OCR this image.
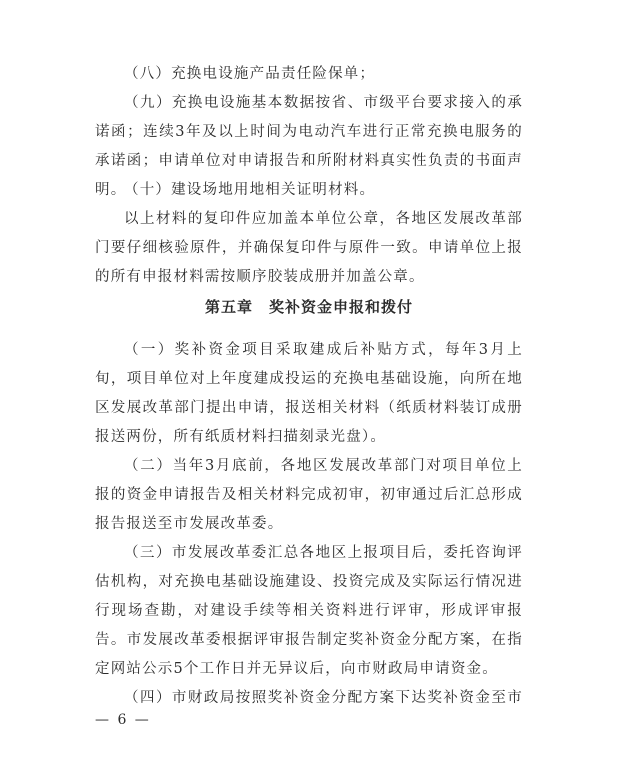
（八）充换电设施产品责任险保单；

（九）充换电设施基本数据按省、市级平台要求接入的承诺函；连续3年及以上时间为电动汽车进行正常充换电服务的承诺函；申请单位对申请报告和所附材料真实性负责的书面声明。

（十）建设场地用地相关证明材料。

以上材料的复印件应加盖本单位公章，各地区发展改革部门要仔细核验原件，并确保复印件与原件一致。申请单位上报的所有申报材料需按顺序胶装成册并加盖公章。

第五章　奖补资金申报和拨付

（一）奖补资金项目采取建成后补贴方式，每年3月上旬，项目单位对上年度建成投运的充换电基础设施，向所在地区发展改革部门提出申请，报送相关材料（纸质材料装订成册报送两份，所有纸质材料扫描刻录光盘）。

（二）当年3月底前，各地区发展改革部门对项目单位上报的资金申请报告及相关材料完成初审，初审通过后汇总形成报告报送至市发展改革委。

（三）市发展改革委汇总各地区上报项目后，委托咨询评估机构，对充换电基础设施建设、投资完成及实际运行情况进行现场查勘，对建设手续等相关资料进行评审，形成评审报告。市发展改革委根据评审报告制定奖补资金分配方案，在指定网站公示5个工作日并无异议后，向市财政局申请资金。

（四）市财政局按照奖补资金分配方案下达奖补资金至市

— 6 —
